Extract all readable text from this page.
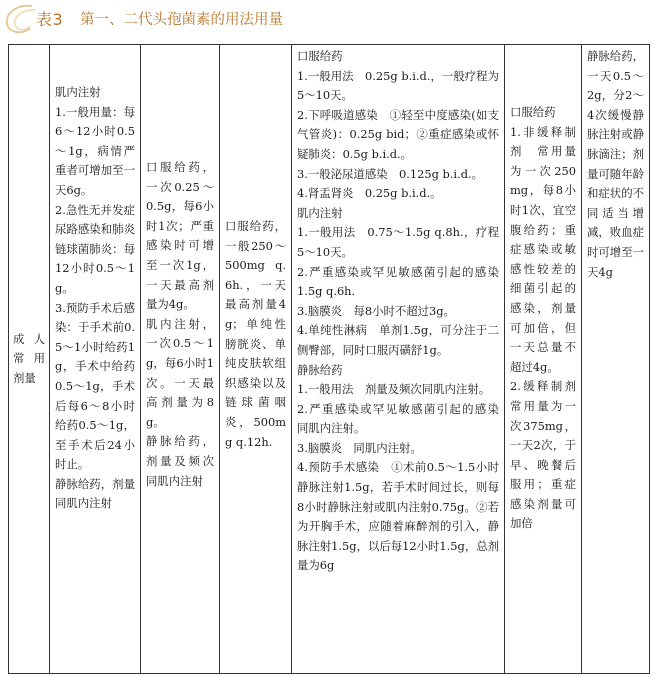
表3 第一、二代头孢菌素的用法用量
成人常用剂量

肌内注射
1.一般用量：每6～12小时0.5～1g，病情严重者可增加至一天6g。
2.急性无并发症尿路感染和肺炎链球菌肺炎：每12小时0.5～1g。
3.预防手术后感染：于手术前0.5～1小时给药1g，手术中给药0.5～1g，手术后每6～8小时给药0.5～1g，至手术后24小时止。
静脉给药，剂量同肌内注射

口服给药，一次0.25～0.5g，每6小时1次；严重感染时可增至一次1g，一天最高剂量为4g。
肌内注射，一次0.5～1g，每6小时1次。一天最高剂量为8g。
静脉给药，剂量及频次同肌内注射

口服给药，一般250～500mg q.6h.，一天最高剂量4g；单纯性膀胱炎、单纯皮肤软组织感染以及链球菌咽炎，500mg q.12h.

口服给药
1.一般用法　0.25g b.i.d.，一般疗程为5～10天。
2.下呼吸道感染　①轻至中度感染(如支气管炎)：0.25g bid；②重症感染或怀疑肺炎：0.5g b.i.d.。
3.一般泌尿道感染　0.125g b.i.d.。
4.肾盂肾炎　0.25g b.i.d.。
肌内注射
1.一般用法　0.75～1.5g q.8h.，疗程5～10天。
2.严重感染或罕见敏感菌引起的感染　1.5g q.6h.
3.脑膜炎　每8小时不超过3g。
4.单纯性淋病　单剂1.5g，可分注于二侧臀部，同时口服丙磺舒1g。
静脉给药
1.一般用法　剂量及频次同肌内注射。
2.严重感染或罕见敏感菌引起的感染　同肌内注射。
3.脑膜炎　同肌内注射。
4.预防手术感染　①术前0.5～1.5小时静脉注射1.5g，若手术时间过长，则每8小时静脉注射或肌内注射0.75g。②若为开胸手术，应随着麻醉剂的引入，静脉注射1.5g，以后每12小时1.5g，总剂量为6g

口服给药
1.非缓释制剂　常用量为一次250mg，每8小时1次，宜空腹给药；重症感染或敏感性较差的细菌引起的感染，剂量可加倍，但一天总量不超过4g。
2.缓释制剂　常用量为一次375mg，一天2次，于早、晚餐后服用；重症感染剂量可加倍

静脉给药，一天0.5～2g，分2～4次缓慢静脉注射或静脉滴注；剂量可随年龄和症状的不同适当增减，败血症时可增至一天4g
